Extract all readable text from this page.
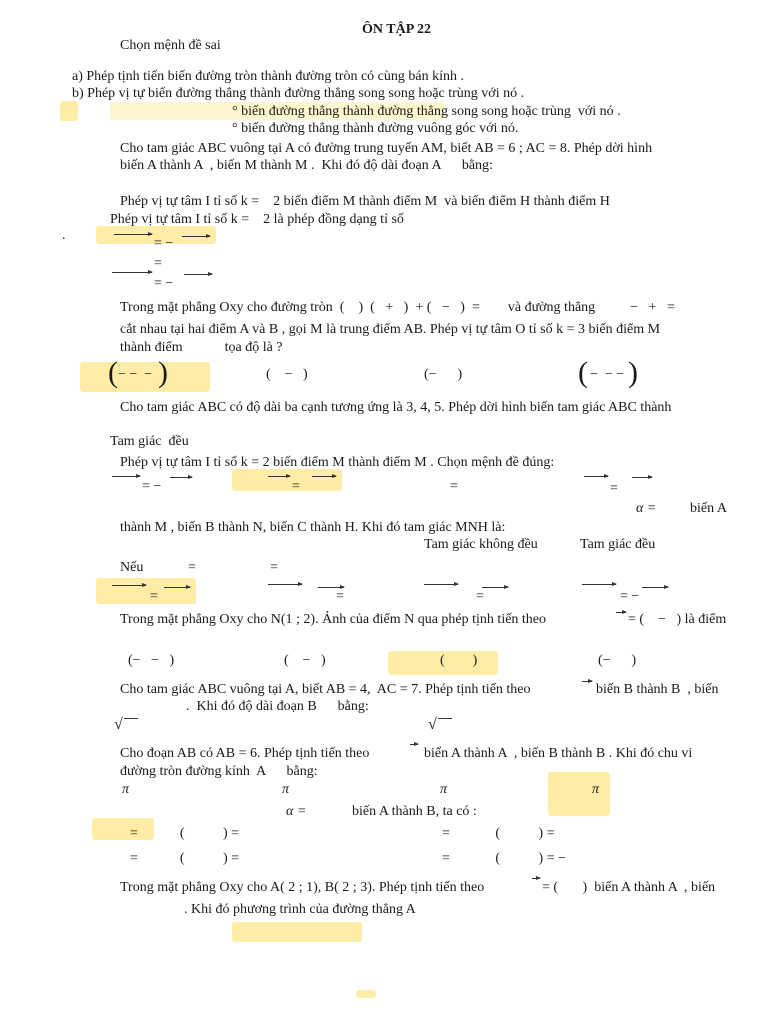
ÔN TẬP 22
Chọn mệnh đề sai
a) Phép tịnh tiến biến đường tròn thành đường tròn có cùng bán kính .
b) Phép vị tự biến đường thẳng thành đường thẳng song song hoặc trùng với nó .
° biến đường thẳng thành đường thẳng song song hoặc trùng  với nó .
° biến đường thẳng thành đường vuông góc với nó.
Cho tam giác ABC vuông tại A có đường trung tuyến AM, biết AB = 6 ; AC = 8. Phép dời hình
biến A thành A  , biến M thành M .  Khi đó độ dài đoạn A      bằng:
Phép vị tự tâm I tỉ số k =    2 biến điểm M thành điểm M  và biến điểm H thành điểm H
Phép vị tự tâm I tỉ số k =    2 là phép đồng dạng tỉ số
.
= −
=
= −
Trong mặt phẳng Oxy cho đường tròn  (    )  (   +   )  + (   −   )  =        và đường thẳng          −   +   =
cắt nhau tại hai điểm A và B , gọi M là trung điểm AB. Phép vị tự tâm O tỉ số k = 3 biến điểm M
thành điểm            tọa độ là ?
( − −  − )	(    −   )	(−      )	( −  − − )
Cho tam giác ABC có độ dài ba cạnh tương ứng là 3, 4, 5. Phép dời hình biến tam giác ABC thành
Tam giác  đều
Phép vị tự tâm I tỉ số k = 2 biến điểm M thành điểm M . Chọn mệnh đề đúng:
= −	=	=	=
α = biến A
thành M , biến B thành N, biến C thành H. Khi đó tam giác MNH là:
Tam giác không đều	Tam giác đều
Nếu	=	=
=	=	=	= −
Trong mặt phẳng Oxy cho N(1 ; 2). Ảnh của điểm N qua phép tịnh tiến theo	= (    −   ) là điểm
(−   −   )	(    −   )	(        )	(−      )
Cho tam giác ABC vuông tại A, biết AB = 4,  AC = 7. Phép tịnh tiến theo	biến B thành B  , biến
.  Khi đó độ dài đoạn B      bằng:
√	√
Cho đoạn AB có AB = 6. Phép tịnh tiến theo	biến A thành A  , biến B thành B . Khi đó chu vi
đường tròn đường kính  A      bằng:
π	π	π	π
α =	biến A thành B, ta có :
=            (           ) =	=             (           ) =
=            (           ) =	=             (           ) = −
Trong mặt phẳng Oxy cho A( 2 ; 1), B( 2 ; 3). Phép tịnh tiến theo	= (       )  biến A thành A  , biến
. Khi đó phương trình của đường thẳng A
